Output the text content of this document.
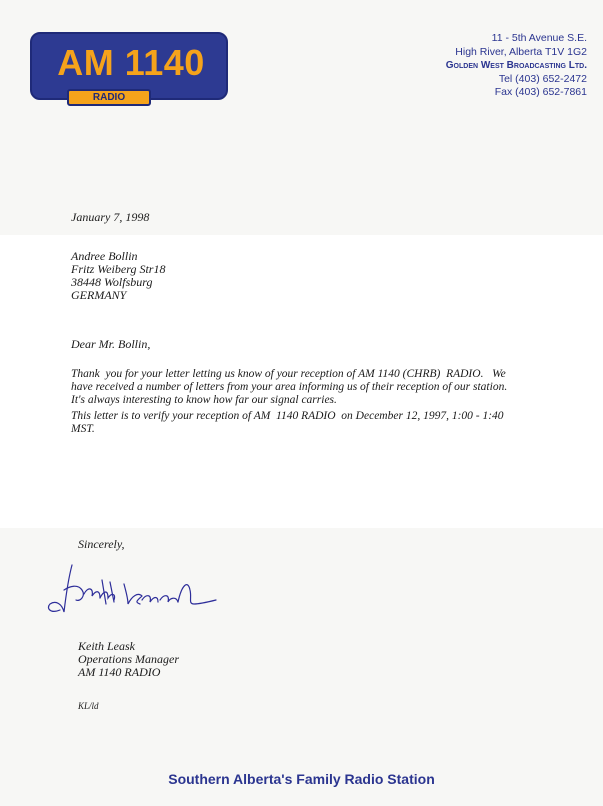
AM 1140
RADIO
11 - 5th Avenue S.E.
High River, Alberta T1V 1G2
Golden West Broadcasting Ltd.
Tel (403) 652-2472
Fax (403) 652-7861
January 7, 1998
Andree Bollin
Fritz Weiberg Str18
38448 Wolfsburg
GERMANY
Dear Mr. Bollin,
Thank  you for your letter letting us know of your reception of AM 1140 (CHRB)  RADIO.   We
have received a number of letters from your area informing us of their reception of our station.
It's always interesting to know how far our signal carries.
This letter is to verify your reception of AM  1140 RADIO  on December 12, 1997, 1:00 - 1:40
MST.
Sincerely,
Keith Leask
Operations Manager
AM 1140 RADIO
KL/ld
Southern Alberta's Family Radio Station
